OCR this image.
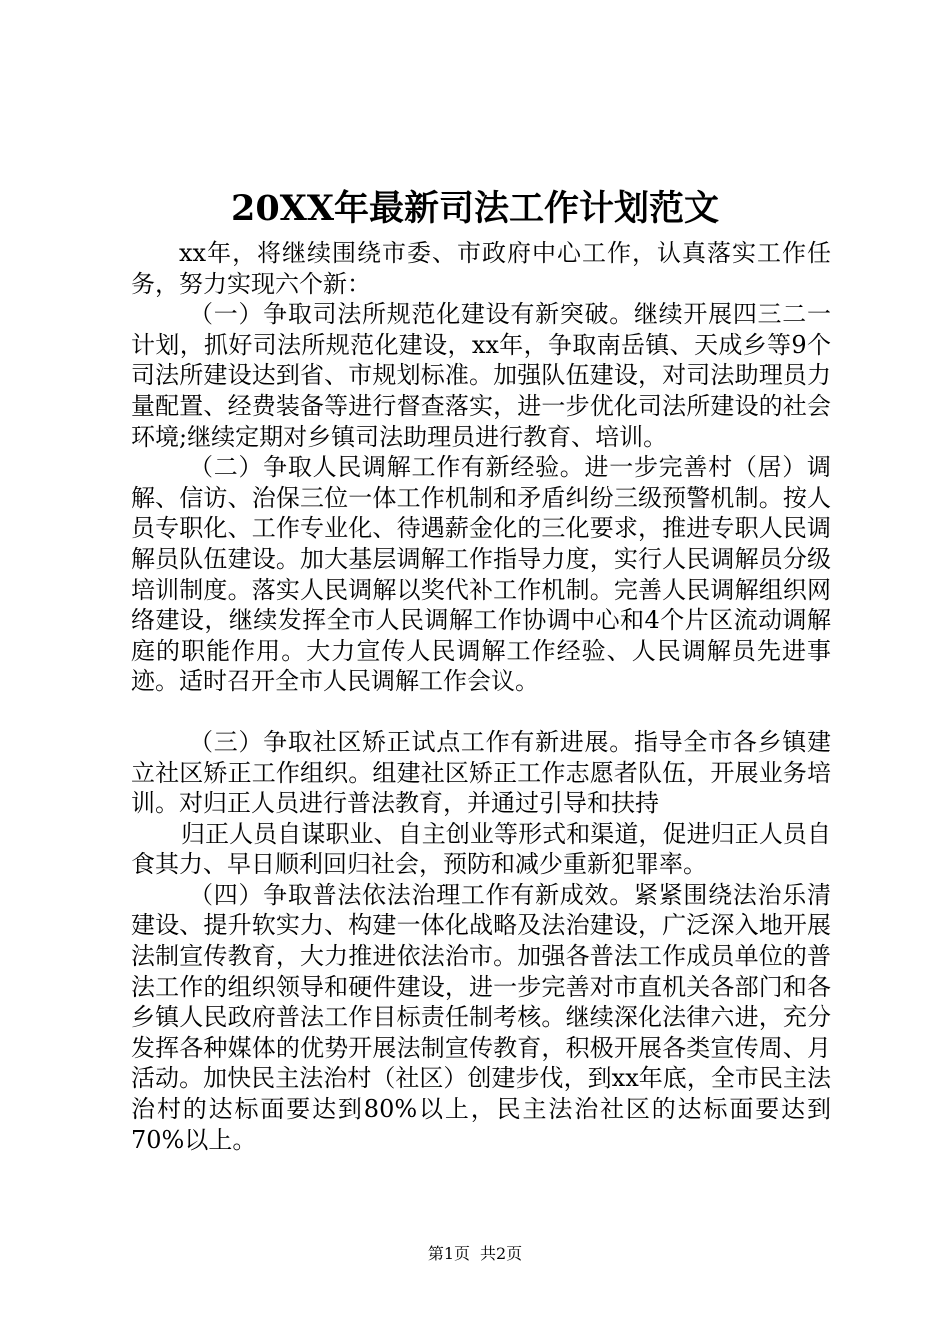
20XX年最新司法工作计划范文

xx年，将继续围绕市委、市政府中心工作，认真落实工作任务，努力实现六个新：

（一）争取司法所规范化建设有新突破。继续开展四三二一计划，抓好司法所规范化建设，xx年，争取南岳镇、天成乡等9个司法所建设达到省、市规划标准。加强队伍建设，对司法助理员力量配置、经费装备等进行督查落实，进一步优化司法所建设的社会环境;继续定期对乡镇司法助理员进行教育、培训。

（二）争取人民调解工作有新经验。进一步完善村（居）调解、信访、治保三位一体工作机制和矛盾纠纷三级预警机制。按人员专职化、工作专业化、待遇薪金化的三化要求，推进专职人民调解员队伍建设。加大基层调解工作指导力度，实行人民调解员分级培训制度。落实人民调解以奖代补工作机制。完善人民调解组织网络建设，继续发挥全市人民调解工作协调中心和4个片区流动调解庭的职能作用。大力宣传人民调解工作经验、人民调解员先进事迹。适时召开全市人民调解工作会议。

（三）争取社区矫正试点工作有新进展。指导全市各乡镇建立社区矫正工作组织。组建社区矫正工作志愿者队伍，开展业务培训。对归正人员进行普法教育，并通过引导和扶持

归正人员自谋职业、自主创业等形式和渠道，促进归正人员自食其力、早日顺利回归社会，预防和减少重新犯罪率。

（四）争取普法依法治理工作有新成效。紧紧围绕法治乐清建设、提升软实力、构建一体化战略及法治建设，广泛深入地开展法制宣传教育，大力推进依法治市。加强各普法工作成员单位的普法工作的组织领导和硬件建设，进一步完善对市直机关各部门和各乡镇人民政府普法工作目标责任制考核。继续深化法律六进，充分发挥各种媒体的优势开展法制宣传教育，积极开展各类宣传周、月活动。加快民主法治村（社区）创建步伐，到xx年底，全市民主法治村的达标面要达到80%以上，民主法治社区的达标面要达到70%以上。

第1页 共2页
